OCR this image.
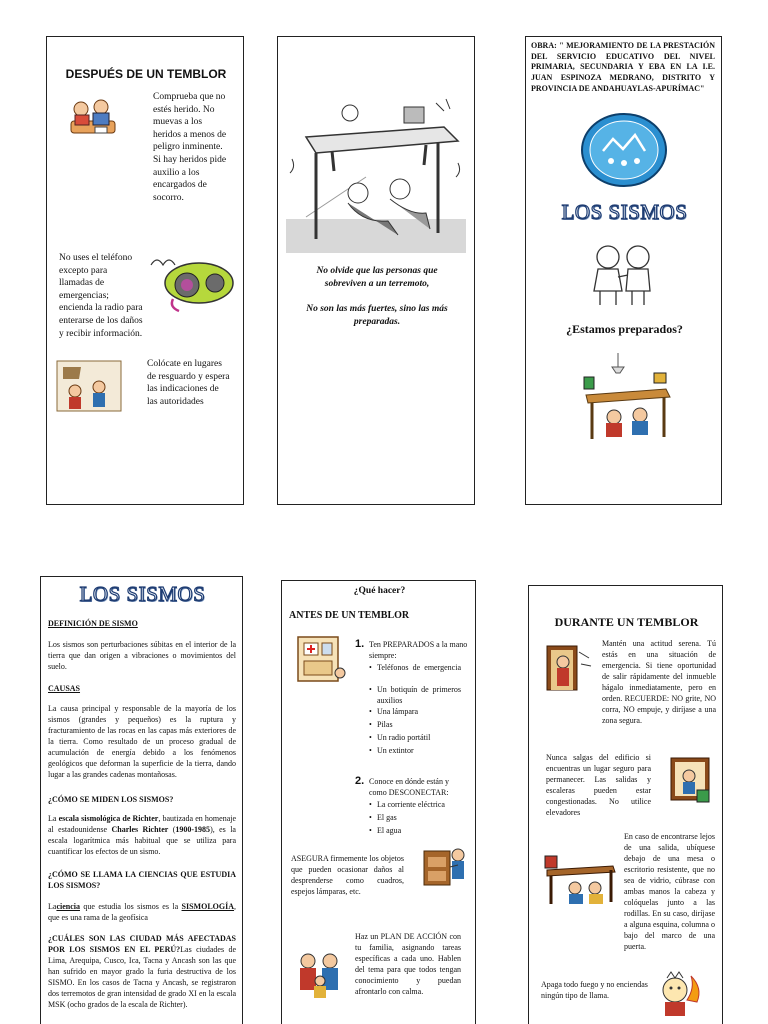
DESPUÉS DE UN TEMBLOR
Comprueba que no estés herido. No muevas a los heridos a menos de peligro inminente. Si hay heridos pide auxilio a los encargados de socorro.
No uses el teléfono excepto para llamadas de emergencias; encienda la radio para enterarse de los daños y recibir información.
Colócate en lugares de resguardo y espera las indicaciones de las autoridades
No olvide que las personas que sobreviven a un terremoto,
No son las más fuertes, sino las más preparadas.
OBRA: " MEJORAMIENTO DE LA PRESTACIÓN DEL SERVICIO EDUCATIVO DEL NIVEL PRIMARIA, SECUNDARIA Y EBA EN LA I.E. JUAN ESPINOZA MEDRANO, DISTRITO Y PROVINCIA DE ANDAHUAYLAS-APURÍMAC"
LOS SISMOS
¿Estamos preparados?
LOS SISMOS
DEFINICIÓN DE SISMO
Los sismos son perturbaciones súbitas en el interior de la tierra que dan origen a vibraciones o movimientos del suelo.
CAUSAS
La causa principal y responsable de la mayoría de los sismos (grandes y pequeños) es la ruptura y fracturamiento de las rocas en las capas más exteriores de la tierra. Como resultado de un proceso gradual de acumulación de energía debido a los fenómenos geológicos que deforman la superficie de la tierra, dando lugar a las grandes cadenas montañosas.
¿CÓMO SE MIDEN LOS SISMOS?
La escala sismológica de Richter, bautizada en homenaje al estadounidense Charles Richter (1900-1985), es la escala logarítmica más habitual que se utiliza para cuantificar los efectos de un sismo.
¿CÓMO SE LLAMA LA CIENCIAS QUE ESTUDIA LOS SISMOS?
Laciencia que estudia los sismos es la SISMOLOGÍA, que es una rama de la geofísica
¿CUÁLES SON LAS CIUDAD MÁS AFECTADAS POR LOS SISMOS EN EL PERÚ?Las ciudades de Lima, Arequipa, Cusco, Ica, Tacna y Ancash son las que han sufrido en mayor grado la furia destructiva de los SISMO. En los casos de Tacna y Ancash, se registraron dos terremotos de gran intensidad de grado XI en la escala MSK (ocho grados de la escala de Richter).
¿Qué hacer?
ANTES DE UN TEMBLOR
1. Ten PREPARADOS a la mano siempre:
• Teléfonos de emergencia
• Un botiquín de primeros auxilios
• Una lámpara
• Pilas
• Un radio portátil
• Un extintor
2. Conoce en dónde están y como DESCONECTAR:
• La corriente eléctrica
• El gas
• El agua
ASEGURA firmemente los objetos que pueden ocasionar daños al desprenderse como cuadros, espejos lámparas, etc.
Haz un PLAN DE ACCIÓN con tu familia, asignando tareas específicas a cada uno. Hablen del tema para que todos tengan conocimiento y puedan afrontarlo con calma.
DURANTE UN TEMBLOR
Mantén una actitud serena. Tú estás en una situación de emergencia. Si tiene oportunidad de salir rápidamente del inmueble hágalo inmediatamente, pero en orden. RECUERDE: NO grite, NO corra, NO empuje, y diríjase a una zona segura.
Nunca salgas del edificio si encuentras un lugar seguro para permanecer. Las salidas y escaleras pueden estar congestionadas. No utilice elevadores
En caso de encontrarse lejos de una salida, ubíquese debajo de una mesa o escritorio resistente, que no sea de vidrio, cúbrase con ambas manos la cabeza y colóquelas junto a las rodillas. En su caso, diríjase a alguna esquina, columna o bajo del marco de una puerta.
Apaga todo fuego y no enciendas ningún tipo de llama.
